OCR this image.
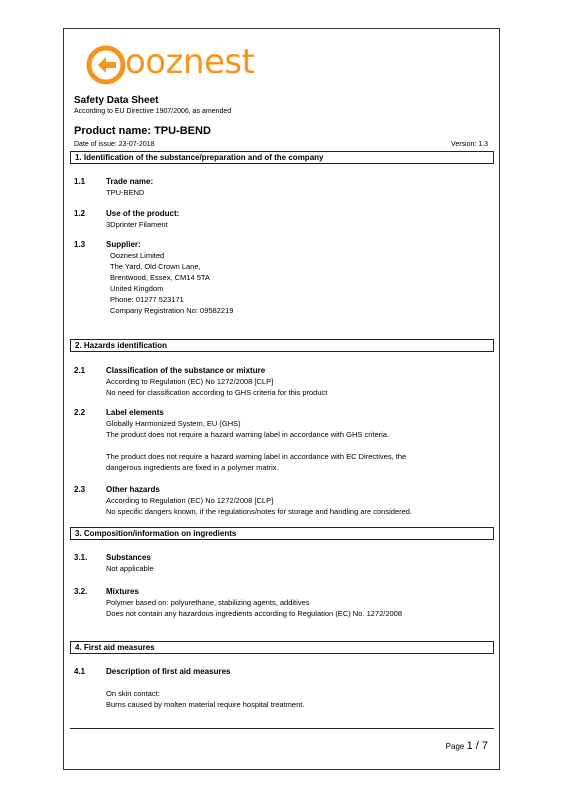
ooznest
Safety Data Sheet
According to EU Directive 1907/2006, as amended
Product name: TPU-BEND
Date of issue: 23-07-2018	Version: 1.3
1. Identification of the substance/preparation and of the company
1.1	Trade name:
TPU-BEND
1.2	Use of the product:
3Dprinter Filament
1.3	Supplier:
Ooznest Limited
The Yard, Old Crown Lane,
Brentwood, Essex, CM14 5TA
United Kingdom
Phone: 01277 523171
Company Registration No: 09582219
2. Hazards identification
2.1	Classification of the substance or mixture
According to Regulation (EC) No 1272/2008 [CLP]
No need for classification according to GHS criteria for this product
2.2	Label elements
Globally Harmonized System, EU (GHS)
The product does not require a hazard warning label in accordance with GHS criteria.
The product does not require a hazard warning label in accordance with EC Directives, the
dangerous ingredients are fixed in a polymer matrix.
2.3	Other hazards
According to Regulation (EC) No 1272/2008 [CLP]
No specific dangers known, if the regulations/notes for storage and handling are considered.
3. Composition/information on ingredients
3.1. Substances
Not applicable
3.2. Mixtures
Polymer based on: polyurethane, stabilizing agents, additives
Does not contain any hazardous ingredients according to Regulation (EC) No. 1272/2008
4. First aid measures
4.1	Description of first aid measures
On skin contact:
Burns caused by molten material require hospital treatment.
Page 1 / 7
